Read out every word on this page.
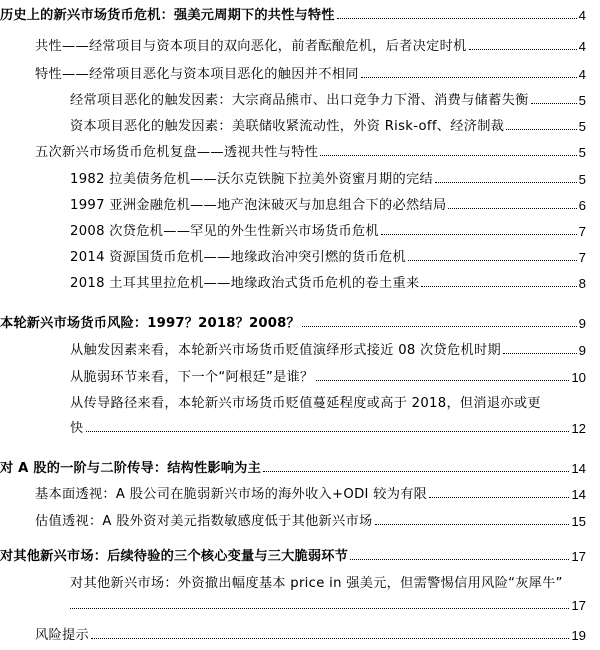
历史上的新兴市场货币危机：强美元周期下的共性与特性	4
共性——经常项目与资本项目的双向恶化，前者酝酿危机，后者决定时机	4
特性——经常项目恶化与资本项目恶化的触因并不相同	4
经常项目恶化的触发因素：大宗商品熊市、出口竞争力下滑、消费与储蓄失衡	5
资本项目恶化的触发因素：美联储收紧流动性，外资 Risk-off、经济制裁	5
五次新兴市场货币危机复盘——透视共性与特性	5
1982 拉美债务危机——沃尔克铁腕下拉美外资蜜月期的完结	5
1997 亚洲金融危机——地产泡沫破灭与加息组合下的必然结局	6
2008 次贷危机——罕见的外生性新兴市场货币危机	7
2014 资源国货币危机——地缘政治冲突引燃的货币危机	7
2018 土耳其里拉危机——地缘政治式货币危机的卷土重来	8
本轮新兴市场货币风险：1997？2018？2008？	9
从触发因素来看，本轮新兴市场货币贬值演绎形式接近 08 次贷危机时期	9
从脆弱环节来看，下一个“阿根廷”是谁？	10
从传导路径来看，本轮新兴市场货币贬值蔓延程度或高于 2018，但消退亦或更
快	12
对 A 股的一阶与二阶传导：结构性影响为主	14
基本面透视：A 股公司在脆弱新兴市场的海外收入+ODI 较为有限	14
估值透视：A 股外资对美元指数敏感度低于其他新兴市场	15
对其他新兴市场：后续待验的三个核心变量与三大脆弱环节	17
对其他新兴市场：外资撤出幅度基本 price in 强美元，但需警惕信用风险“灰犀牛”
17
风险提示	19
